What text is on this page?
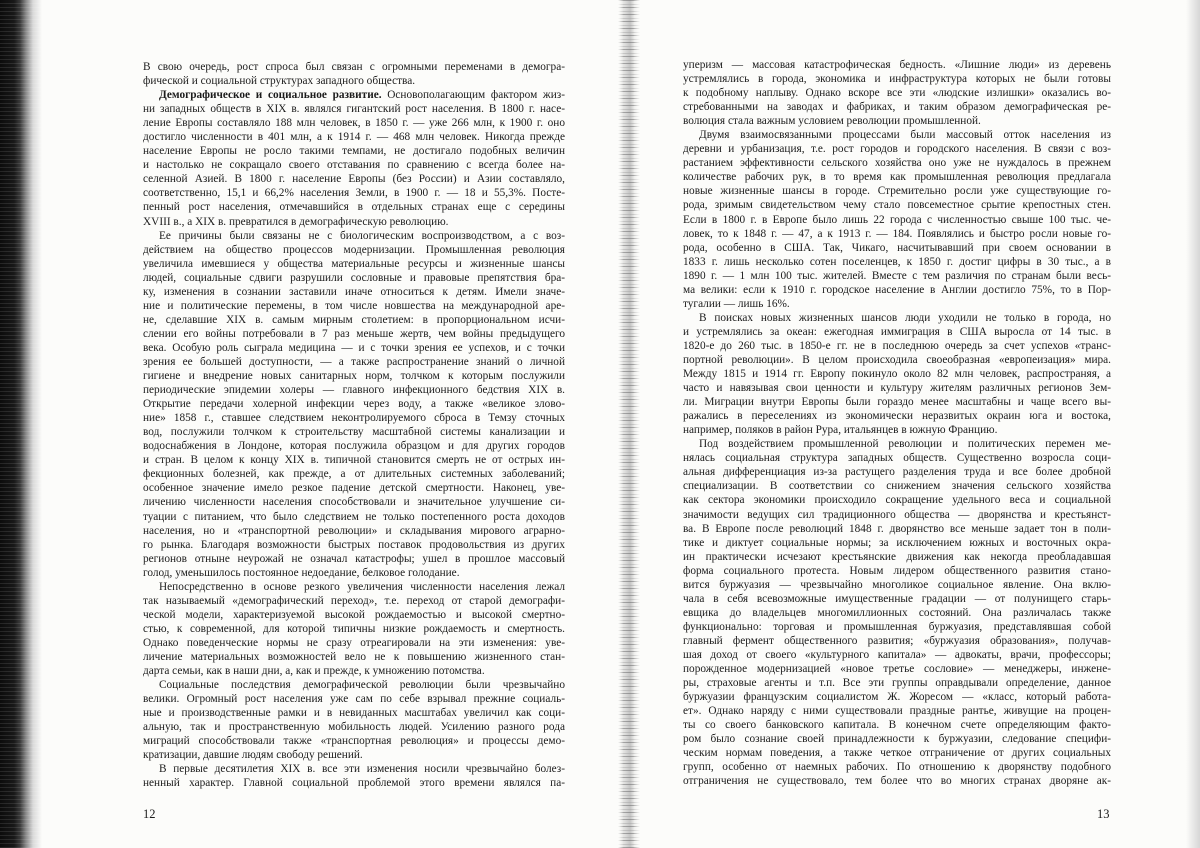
В свою очередь, рост спроса был связан с огромными переменами в демогра-
фической и социальной структурах западного общества.
Демографическое и социальное развитие. Основополагающим фактором жиз-
ни западных обществ в XIX в. являлся гигантский рост населения. В 1800 г. насе-
ление Европы составляло 188 млн человек, в 1850 г. — уже 266 млн, к 1900 г. оно
достигло численности в 401 млн, а к 1914 г. — 468 млн человек. Никогда прежде
население Европы не росло такими темпами, не достигало подобных величин
и настолько не сокращало своего отставания по сравнению с всегда более на-
селенной Азией. В 1800 г. население Европы (без России) и Азии составляло,
соответственно, 15,1 и 66,2% населения Земли, в 1900 г. — 18 и 55,3%. Посте-
пенный рост населения, отмечавшийся в отдельных странах еще с середины
XVIII в., а XIX в. превратился в демографическую революцию.
Ее причины были связаны не с биологическим воспроизводством, а с воз-
действием на общество процессов модернизации. Промышленная революция
увеличила имевшиеся у общества материальные ресурсы и жизненные шансы
людей, социальные сдвиги разрушили сословные и правовые препятствия бра-
ку, изменения в сознании заставили иначе относиться к детям. Имели значе-
ние и политические перемены, в том числе новшества на международной аре-
не, сделавшие XIX в. самым мирным столетием: в пропорциональном исчи-
слении его войны потребовали в 7 раз меньше жертв, чем войны предыдущего
века. Особую роль сыграла медицина — и с точки зрения ее успехов, и с точки
зрения ее большей доступности, — а также распространение знаний о личной
гигиене и внедрение новых санитарных норм, толчком к которым послужили
периодические эпидемии холеры — главного инфекционного бедствия XIX в.
Открытие передачи холерной инфекции через воду, а также «великое злово-
ние» 1858 г., ставшее следствием неконтролируемого сброса в Темзу сточных
вод, послужили толчком к строительству масштабной системы канализации и
водоснабжения в Лондоне, которая послужила образцом и для других городов
и стран. В целом к концу XIX в. типичной становится смерть не от острых ин-
фекционных болезней, как прежде, а от длительных системных заболеваний;
особенное значение имело резкое падение детской смертности. Наконец, уве-
личению численности населения способствовали и значительное улучшение си-
туации с питанием, что было следствием не только постепенного роста доходов
населения, но и «транспортной революции» и складывания мирового аграрно-
го рынка. Благодаря возможности быстрых поставок продовольствия из других
регионов отныне неурожай не означал катастрофы; ушел в прошлое массовый
голод, уменьшилось постоянное недоедание, белковое голодание.
Непосредственно в основе резкого увеличения численности населения лежал
так называемый «демографический переход», т.е. переход от старой демографи-
ческой модели, характеризуемой высокой рождаемостью и высокой смертно-
стью, к современной, для которой типичны низкие рождаемость и смертность.
Однако поведенческие нормы не сразу отреагировали на эти изменения: уве-
личение материальных возможностей вело не к повышению жизненного стан-
дарта семьи, как в наши дни, а, как и прежде, к умножению потомства.
Социальные последствия демографической революции были чрезвычайно
велики. Огромный рост населения уже сам по себе взрывал прежние социаль-
ные и производственные рамки и в невиданных масштабах увеличил как соци-
альную, так и пространственную мобильность людей. Усилению разного рода
миграций способствовали также «транспортная революция» и процессы демо-
кратизации, давшие людям свободу решений.
В первые десятилетия XIX в. все эти изменения носили чрезвычайно болез-
ненный характер. Главной социальной проблемой этого времени являлся па-
уперизм — массовая катастрофическая бедность. «Лишние люди» из деревень
устремлялись в города, экономика и инфраструктура которых не были готовы
к подобному наплыву. Однако вскоре все эти «людские излишки» оказались во-
стребованными на заводах и фабриках, и таким образом демографическая ре-
волюция стала важным условием революции промышленной.
Двумя взаимосвязанными процессами были массовый отток населения из
деревни и урбанизация, т.е. рост городов и городского населения. В связи с воз-
растанием эффективности сельского хозяйства оно уже не нуждалось в прежнем
количестве рабочих рук, в то время как промышленная революция предлагала
новые жизненные шансы в городе. Стремительно росли уже существующие го-
рода, зримым свидетельством чему стало повсеместное срытие крепостных стен.
Если в 1800 г. в Европе было лишь 22 города с численностью свыше 100 тыс. че-
ловек, то к 1848 г. — 47, а к 1913 г. — 184. Появлялись и быстро росли новые го-
рода, особенно в США. Так, Чикаго, насчитывавший при своем основании в
1833 г. лишь несколько сотен поселенцев, к 1850 г. достиг цифры в 30 тыс., а в
1890 г. — 1 млн 100 тыс. жителей. Вместе с тем различия по странам были весь-
ма велики: если к 1910 г. городское население в Англии достигло 75%, то в Пор-
тугалии — лишь 16%.
В поисках новых жизненных шансов люди уходили не только в города, но
и устремлялись за океан: ежегодная иммиграция в США выросла от 14 тыс. в
1820-е до 260 тыс. в 1850-е гг. не в последнюю очередь за счет успехов «транс-
портной революции». В целом происходила своеобразная «европеизация» мира.
Между 1815 и 1914 гг. Европу покинуло около 82 млн человек, распространяя, а
часто и навязывая свои ценности и культуру жителям различных регионов Зем-
ли. Миграции внутри Европы были гораздо менее масштабны и чаще всего вы-
ражались в переселениях из экономически неразвитых окраин юга и востока,
например, поляков в район Рура, итальянцев в южную Францию.
Под воздействием промышленной революции и политических перемен ме-
нялась социальная структура западных обществ. Существенно возросла соци-
альная дифференциация из-за растущего разделения труда и все более дробной
специализации. В соответствии со снижением значения сельского хозяйства
как сектора экономики происходило сокращение удельного веса и социальной
значимости ведущих сил традиционного общества — дворянства и крестьянст-
ва. В Европе после революций 1848 г. дворянство все меньше задает тон в поли-
тике и диктует социальные нормы; за исключением южных и восточных окра-
ин практически исчезают крестьянские движения как некогда преобладавшая
форма социального протеста. Новым лидером общественного развития стано-
вится буржуазия — чрезвычайно многоликое социальное явление. Она вклю-
чала в себя всевозможные имущественные градации — от полунищего старь-
евщика до владельцев многомиллионных состояний. Она различалась также
функционально: торговая и промышленная буржуазия, представлявшая собой
главный фермент общественного развития; «буржуазия образования», получав-
шая доход от своего «культурного капитала» — адвокаты, врачи, профессоры;
порожденное модернизацией «новое третье сословие» — менеджеры, инжене-
ры, страховые агенты и т.п. Все эти группы оправдывали определение, данное
буржуазии французским социалистом Ж. Жоресом — «класс, который работа-
ет». Однако наряду с ними существовали праздные рантье, живущие на процен-
ты со своего банковского капитала. В конечном счете определяющим факто-
ром было сознание своей принадлежности к буржуазии, следование специфи-
ческим нормам поведения, а также четкое отграничение от других социальных
групп, особенно от наемных рабочих. По отношению к дворянству подобного
отграничения не существовало, тем более что во многих странах дворяне ак-
12	13
